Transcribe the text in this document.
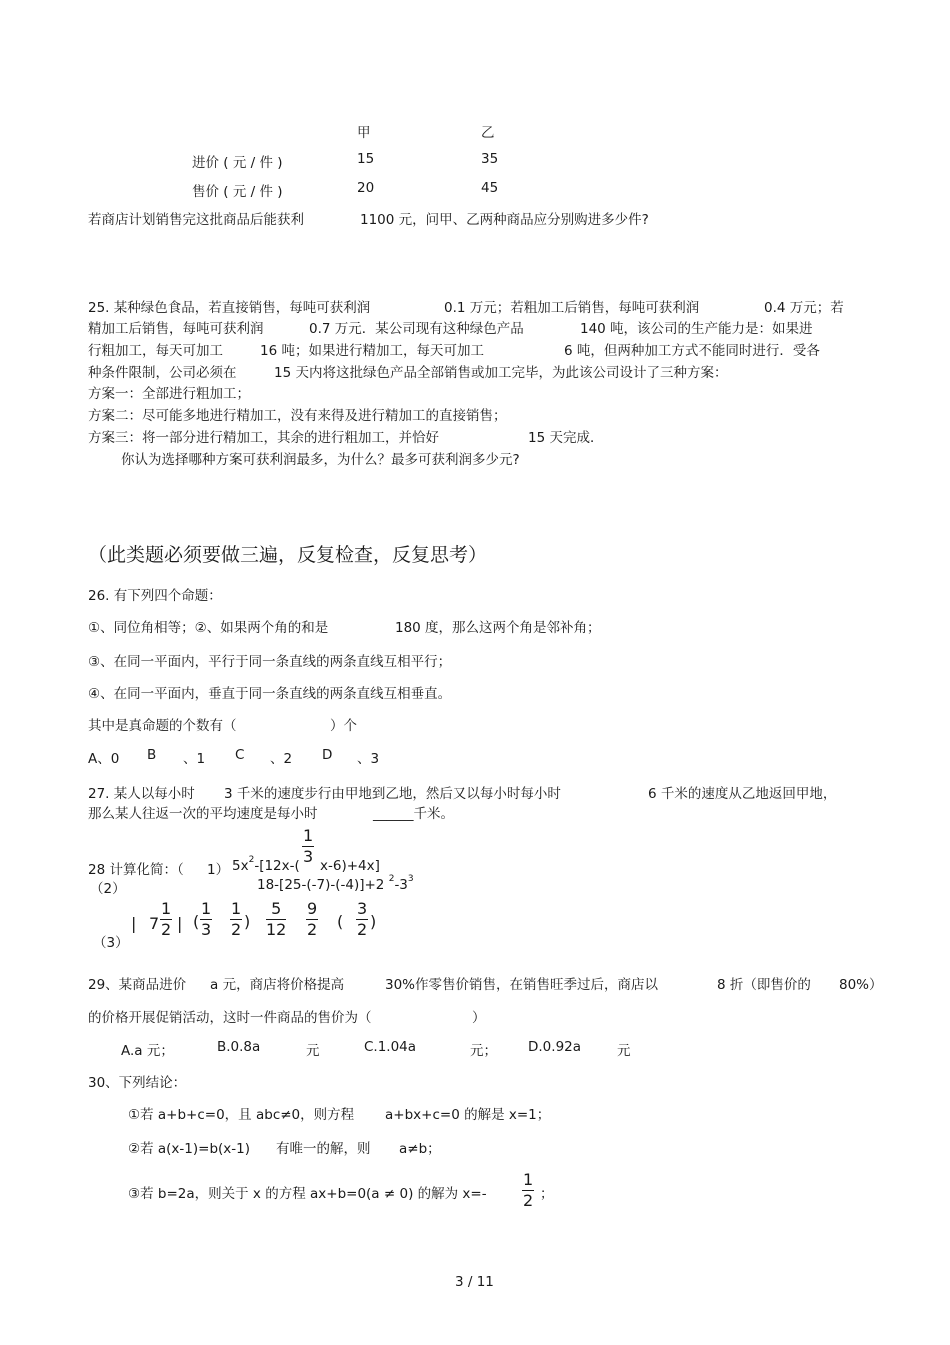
甲	乙
进价 ( 元 / 件 )	15	35
售价 ( 元 / 件 )	20	45
若商店计划销售完这批商品后能获利	1100 元，问甲、乙两种商品应分别购进多少件?
25. 某种绿色食品，若直接销售，每吨可获利润	0.1 万元；若粗加工后销售，每吨可获利润	0.4 万元；若
精加工后销售，每吨可获利润	0.7 万元．某公司现有这种绿色产品	140 吨，该公司的生产能力是：如果进
行粗加工，每天可加工	16 吨；如果进行精加工，每天可加工	6 吨，但两种加工方式不能同时进行．受各
种条件限制，公司必须在	15 天内将这批绿色产品全部销售或加工完毕，为此该公司设计了三种方案：
方案一：全部进行粗加工；
方案二：尽可能多地进行精加工，没有来得及进行精加工的直接销售；
方案三：将一部分进行精加工，其余的进行粗加工，并恰好	15 天完成．
你认为选择哪种方案可获利润最多，为什么？最多可获利润多少元?
（此类题必须要做三遍，反复检查，反复思考）
26. 有下列四个命题：
①、同位角相等；②、如果两个角的和是	180 度，那么这两个角是邻补角；
③、在同一平面内，平行于同一条直线的两条直线互相平行；
④、在同一平面内，垂直于同一条直线的两条直线互相垂直。
其中是真命题的个数有（	）个
A、0 B 、1 C 、2 D 、3
27. 某人以每小时 3 千米的速度步行由甲地到乙地，然后又以每小时每小时	6 千米的速度从乙地返回甲地，
那么某人往返一次的平均速度是每小时	______千米。
$\frac{1}{3}$
28 计算化简：（ 1） $5x^2-[12x-$( x-6)+4x]
（2）	18-[25-(-7)-(-4)]+2 $^2-3^3$
（3）
| $7 \frac{1}{2}$ | ( $\frac{1}{3} \frac{1}{2}$ ) $\frac{5}{12} \frac{9}{2}$ ( $\frac{3}{2}$ )
29、某商品进价 a 元，商店将价格提高	30%作零售价销售，在销售旺季过后，商店以	8 折（即售价的 80%）
的价格开展促销活动，这时一件商品的售价为（	）
A.a 元；	B.0.8a	元	C.1.04a	元； D.0.92a	元
30、下列结论：
①若 a+b+c=0，且 abc≠0，则方程 a+bx+c=0 的解是 x=1；
②若 a(x-1)=b(x-1) 有唯一的解，则 a≠b；
③若 b=2a，则关于 x 的方程 ax+b=0(a ≠ 0) 的解为 $x=- \frac{1}{2}$ ；
3 / 11
